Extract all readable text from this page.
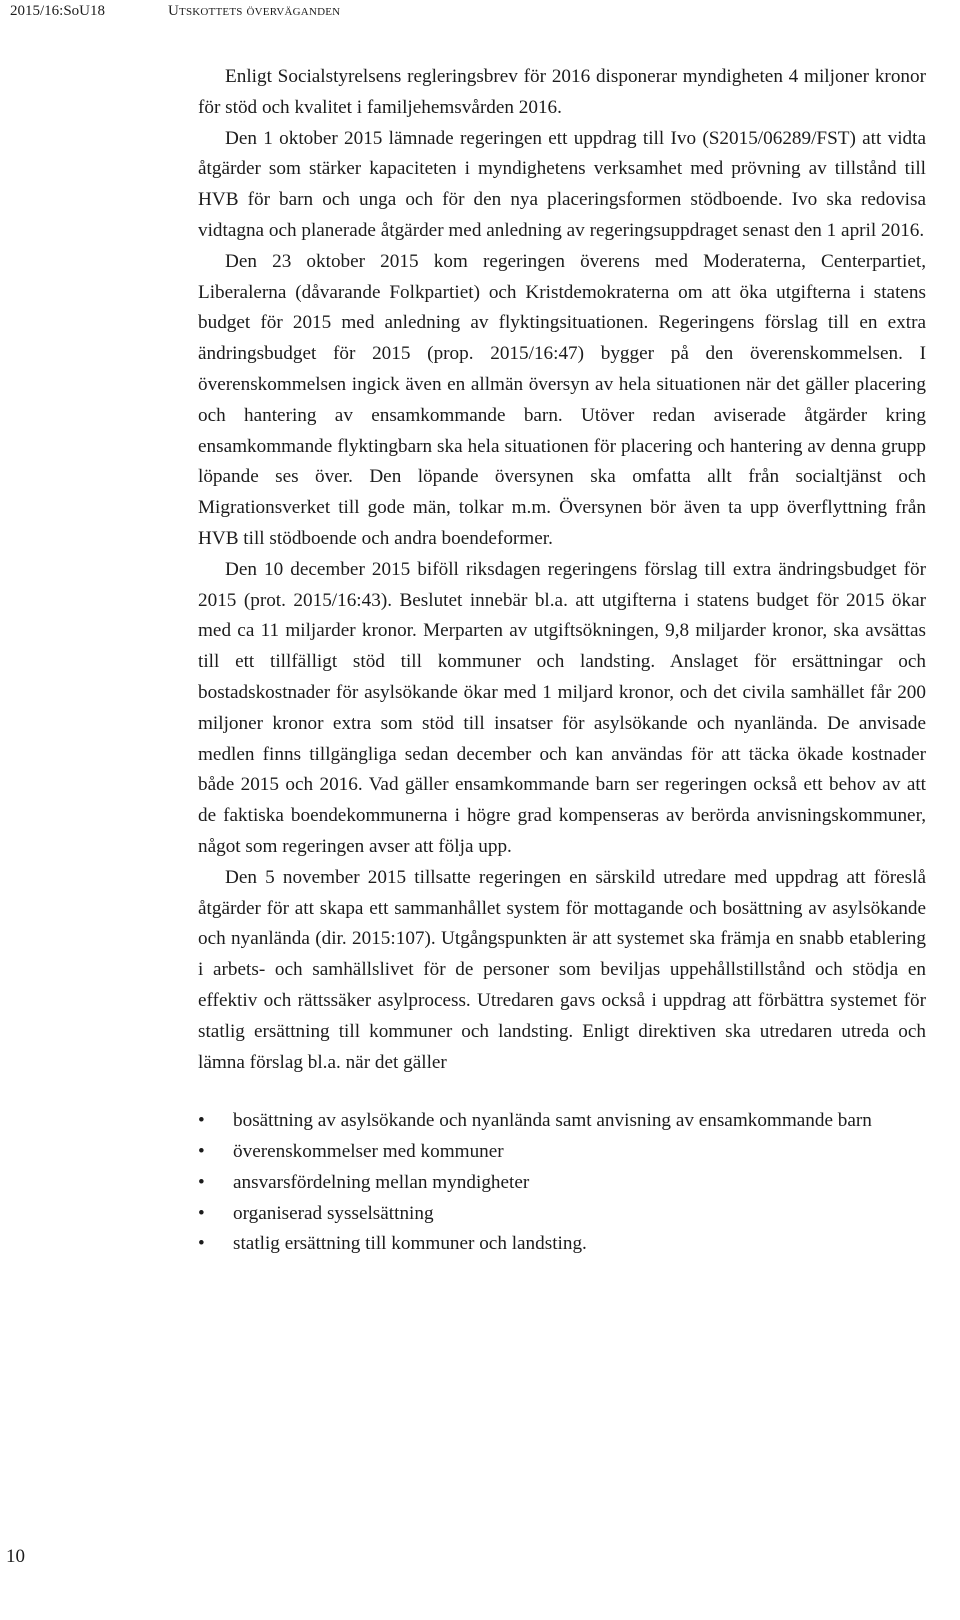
2015/16:SoU18	Utskottets överväganden

Enligt Socialstyrelsens regleringsbrev för 2016 disponerar myndigheten 4 miljoner kronor för stöd och kvalitet i familjehemsvården 2016.

Den 1 oktober 2015 lämnade regeringen ett uppdrag till Ivo (S2015/06289/FST) att vidta åtgärder som stärker kapaciteten i myndighetens verksamhet med prövning av tillstånd till HVB för barn och unga och för den nya placeringsformen stödboende. Ivo ska redovisa vidtagna och planerade åtgärder med anledning av regeringsuppdraget senast den 1 april 2016.

Den 23 oktober 2015 kom regeringen överens med Moderaterna, Centerpartiet, Liberalerna (dåvarande Folkpartiet) och Kristdemokraterna om att öka utgifterna i statens budget för 2015 med anledning av flyktingsituationen. Regeringens förslag till en extra ändringsbudget för 2015 (prop. 2015/16:47) bygger på den överenskommelsen. I överenskommelsen ingick även en allmän översyn av hela situationen när det gäller placering och hantering av ensamkommande barn. Utöver redan aviserade åtgärder kring ensamkommande flyktingbarn ska hela situationen för placering och hantering av denna grupp löpande ses över. Den löpande översynen ska omfatta allt från socialtjänst och Migrationsverket till gode män, tolkar m.m. Översynen bör även ta upp överflyttning från HVB till stödboende och andra boendeformer.

Den 10 december 2015 biföll riksdagen regeringens förslag till extra ändringsbudget för 2015 (prot. 2015/16:43). Beslutet innebär bl.a. att utgifterna i statens budget för 2015 ökar med ca 11 miljarder kronor. Merparten av utgiftsökningen, 9,8 miljarder kronor, ska avsättas till ett tillfälligt stöd till kommuner och landsting. Anslaget för ersättningar och bostadskostnader för asylsökande ökar med 1 miljard kronor, och det civila samhället får 200 miljoner kronor extra som stöd till insatser för asylsökande och nyanlända. De anvisade medlen finns tillgängliga sedan december och kan användas för att täcka ökade kostnader både 2015 och 2016. Vad gäller ensamkommande barn ser regeringen också ett behov av att de faktiska boendekommunerna i högre grad kompenseras av berörda anvisningskommuner, något som regeringen avser att följa upp.

Den 5 november 2015 tillsatte regeringen en särskild utredare med uppdrag att föreslå åtgärder för att skapa ett sammanhållet system för mottagande och bosättning av asylsökande och nyanlända (dir. 2015:107). Utgångspunkten är att systemet ska främja en snabb etablering i arbets- och samhällslivet för de personer som beviljas uppehållstillstånd och stödja en effektiv och rättssäker asylprocess. Utredaren gavs också i uppdrag att förbättra systemet för statlig ersättning till kommuner och landsting. Enligt direktiven ska utredaren utreda och lämna förslag bl.a. när det gäller

•	bosättning av asylsökande och nyanlända samt anvisning av ensamkommande barn
•	överenskommelser med kommuner
•	ansvarsfördelning mellan myndigheter
•	organiserad sysselsättning
•	statlig ersättning till kommuner och landsting.
10
